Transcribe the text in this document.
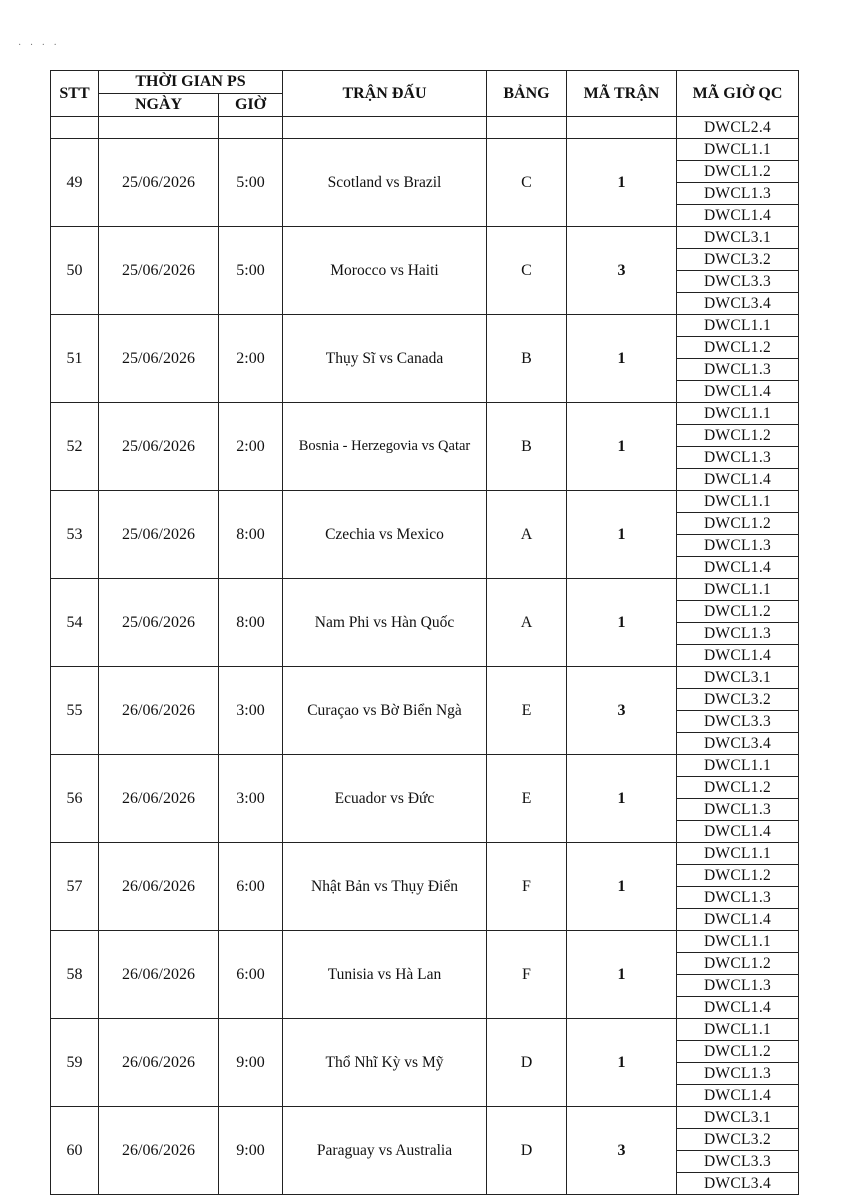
· · · ·
STT	THỜI GIAN PS		TRẬN ĐẤU	BẢNG	MÃ TRẬN	MÃ GIỜ QC
	NGÀY	GIỜ				
						DWCL2.4
49	25/06/2026	5:00	Scotland vs Brazil	C	1	DWCL1.1
						DWCL1.2
						DWCL1.3
						DWCL1.4
50	25/06/2026	5:00	Morocco vs Haiti	C	3	DWCL3.1
						DWCL3.2
						DWCL3.3
						DWCL3.4
51	25/06/2026	2:00	Thụy Sĩ vs Canada	B	1	DWCL1.1
						DWCL1.2
						DWCL1.3
						DWCL1.4
52	25/06/2026	2:00	Bosnia - Herzegovia vs Qatar	B	1	DWCL1.1
						DWCL1.2
						DWCL1.3
						DWCL1.4
53	25/06/2026	8:00	Czechia vs Mexico	A	1	DWCL1.1
						DWCL1.2
						DWCL1.3
						DWCL1.4
54	25/06/2026	8:00	Nam Phi vs Hàn Quốc	A	1	DWCL1.1
						DWCL1.2
						DWCL1.3
						DWCL1.4
55	26/06/2026	3:00	Curaçao vs Bờ Biển Ngà	E	3	DWCL3.1
						DWCL3.2
						DWCL3.3
						DWCL3.4
56	26/06/2026	3:00	Ecuador vs Đức	E	1	DWCL1.1
						DWCL1.2
						DWCL1.3
						DWCL1.4
57	26/06/2026	6:00	Nhật Bản vs Thụy Điển	F	1	DWCL1.1
						DWCL1.2
						DWCL1.3
						DWCL1.4
58	26/06/2026	6:00	Tunisia vs Hà Lan	F	1	DWCL1.1
						DWCL1.2
						DWCL1.3
						DWCL1.4
59	26/06/2026	9:00	Thổ Nhĩ Kỳ vs Mỹ	D	1	DWCL1.1
						DWCL1.2
						DWCL1.3
						DWCL1.4
60	26/06/2026	9:00	Paraguay vs Australia	D	3	DWCL3.1
						DWCL3.2
						DWCL3.3
						DWCL3.4
